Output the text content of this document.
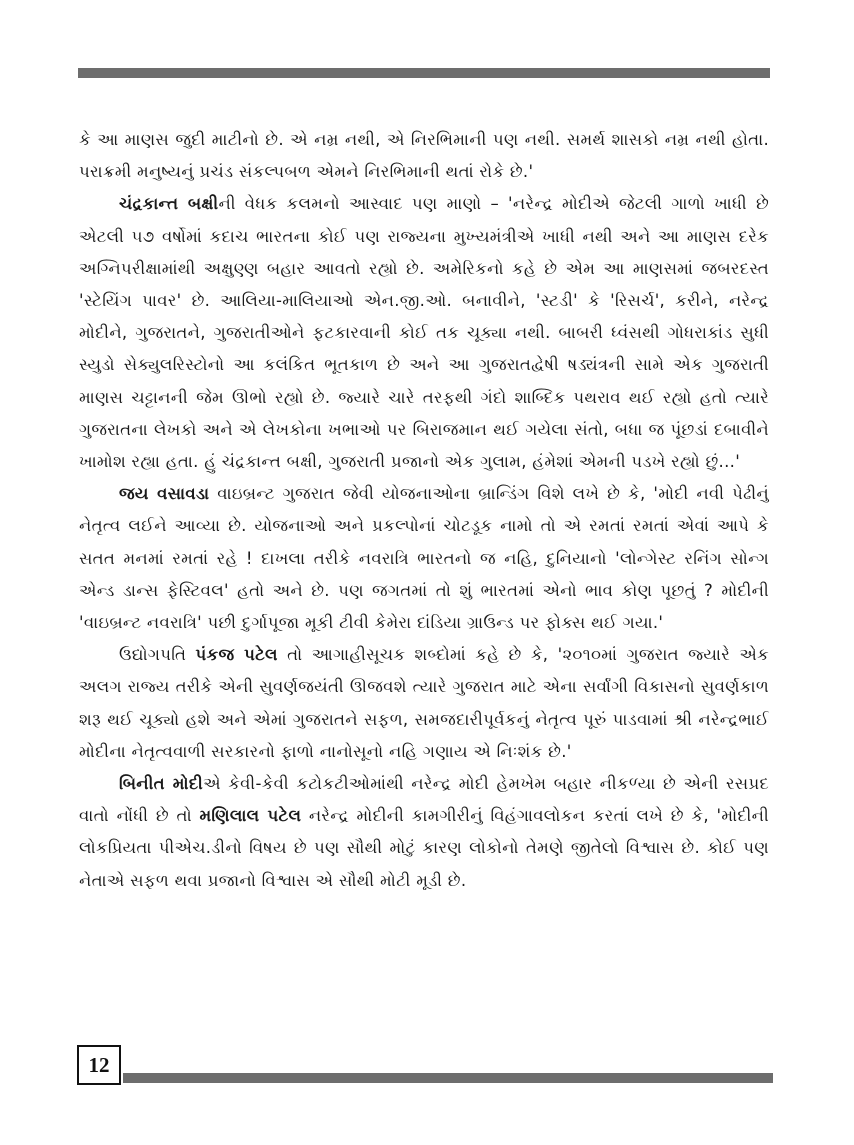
કે આ માણસ જુદી માટીનો છે. એ નમ્ર નથી, એ નિરભિમાની પણ નથી. સમર્થ શાસકો નમ્ર નથી હોતા. પરાક્રમી મનુષ્યનું પ્રચંડ સંકલ્પબળ એમને નિરભિમાની થતાં રોકે છે.'

ચંદ્રકાન્ત બક્ષીની વેધક કલમનો આસ્વાદ પણ માણો – 'નરેન્દ્ર મોદીએ જેટલી ગાળો ખાધી છે એટલી ૫૭ વર્ષોમાં કદાચ ભારતના કોઈ પણ રાજ્યના મુખ્યમંત્રીએ ખાધી નથી અને આ માણસ દરેક અગ્નિપરીક્ષામાંથી અક્ષુણ્ણ બહાર આવતો રહ્યો છે. અમેરિકનો કહે છે એમ આ માણસમાં જબરદસ્ત 'સ્ટેયિંગ પાવર' છે. આલિયા-માલિયાઓ એન.જી.ઓ. બનાવીને, 'સ્ટડી' કે 'રિસર્ચ', કરીને, નરેન્દ્ર મોદીને, ગુજરાતને, ગુજરાતીઓને ફટકારવાની કોઈ તક ચૂક્યા નથી. બાબરી ધ્વંસથી ગોધરાકાંડ સુધી સ્યુડો સેક્યુલરિસ્ટોનો આ કલંકિત ભૂતકાળ છે અને આ ગુજરાતદ્વેષી ષડ્યંત્રની સામે એક ગુજરાતી માણસ ચટ્ટાનની જેમ ઊભો રહ્યો છે. જ્યારે ચારે તરફથી ગંદો શાબ્દિક પથરાવ થઈ રહ્યો હતો ત્યારે ગુજરાતના લેખકો અને એ લેખકોના ખભાઓ પર બિરાજમાન થઈ ગયેલા સંતો, બધા જ પૂંછડાં દબાવીને ખામોશ રહ્યા હતા. હું ચંદ્રકાન્ત બક્ષી, ગુજરાતી પ્રજાનો એક ગુલામ, હંમેશાં એમની પડખે રહ્યો છું...'

જય વસાવડા વાઇબ્રન્ટ ગુજરાત જેવી યોજનાઓના બ્રાન્ડિંગ વિશે લખે છે કે, 'મોદી નવી પેઢીનું નેતૃત્વ લઈને આવ્યા છે. યોજનાઓ અને પ્રકલ્પોનાં ચોટડૂક નામો તો એ રમતાં રમતાં એવાં આપે કે સતત મનમાં રમતાં રહે ! દાખલા તરીકે નવરાત્રિ ભારતનો જ નહિ, દુનિયાનો 'લોન્ગેસ્ટ રનિંગ સોન્ગ એન્ડ ડાન્સ ફેસ્ટિવલ' હતો અને છે. પણ જગતમાં તો શું ભારતમાં એનો ભાવ કોણ પૂછતું ? મોદીની 'વાઇબ્રન્ટ નવરાત્રિ' પછી દુર્ગાપૂજા મૂકી ટીવી કેમેરા દાંડિયા ગ્રાઉન્ડ પર ફોક્સ થઈ ગયા.'

ઉદ્યોગપતિ પંકજ પટેલ તો આગાહીસૂચક શબ્દોમાં કહે છે કે, '૨૦૧૦માં ગુજરાત જ્યારે એક અલગ રાજ્ય તરીકે એની સુવર્ણજયંતી ઊજવશે ત્યારે ગુજરાત માટે એના સર્વાંગી વિકાસનો સુવર્ણકાળ શરૂ થઈ ચૂક્યો હશે અને એમાં ગુજરાતને સફળ, સમજદારીપૂર્વકનું નેતૃત્વ પૂરું પાડવામાં શ્રી નરેન્દ્રભાઈ મોદીના નેતૃત્વવાળી સરકારનો ફાળો નાનોસૂનો નહિ ગણાય એ નિઃશંક છે.'

બિનીત મોદીએ કેવી-કેવી કટોકટીઓમાંથી નરેન્દ્ર મોદી હેમખેમ બહાર નીકળ્યા છે એની રસપ્રદ વાતો નોંધી છે તો મણિલાલ પટેલ નરેન્દ્ર મોદીની કામગીરીનું વિહંગાવલોકન કરતાં લખે છે કે, 'મોદીની લોકપ્રિયતા પીએચ.ડીનો વિષય છે પણ સૌથી મોટું કારણ લોકોનો તેમણે જીતેલો વિશ્વાસ છે. કોઈ પણ નેતાએ સફળ થવા પ્રજાનો વિશ્વાસ એ સૌથી મોટી મૂડી છે.

12
